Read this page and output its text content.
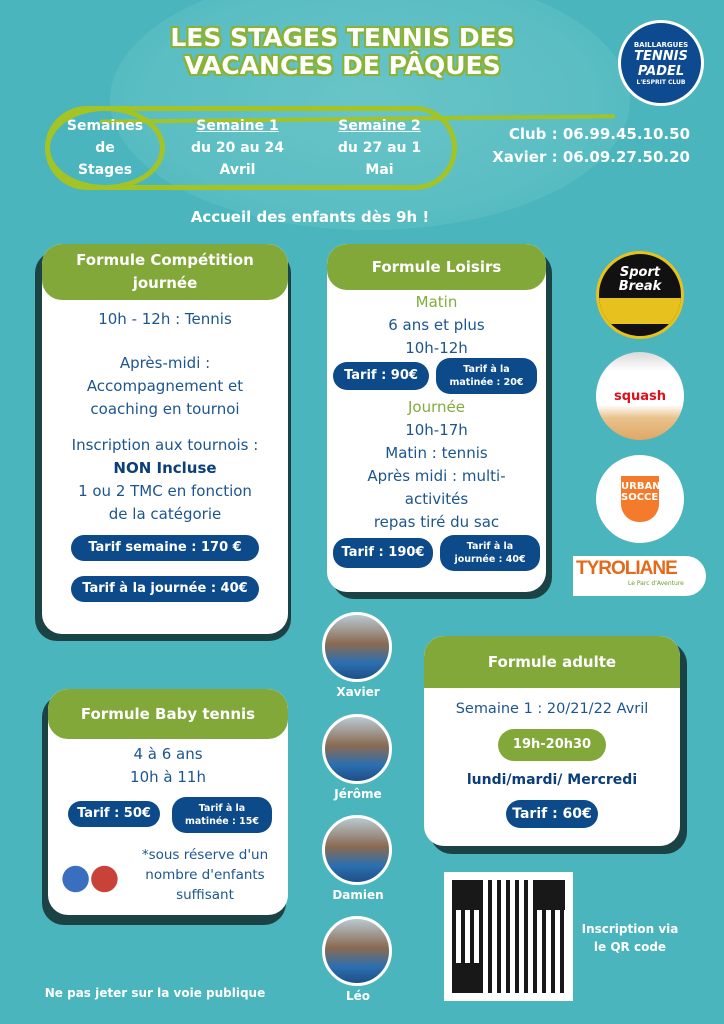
LES STAGES TENNIS DES
VACANCES DE PÂQUES
BAILLARGUES
TENNIS
PADEL
L'ESPRIT CLUB
Semaines
de
Stages
Semaine 1
du 20 au 24
Avril
Semaine 2
du 27 au 1
Mai
Club : 06.99.45.10.50
Xavier : 06.09.27.50.20
Accueil des enfants dès 9h !
Formule Compétition journée
10h - 12h : Tennis
Après-midi :
Accompagnement et
coaching en tournoi
Inscription aux tournois :
NON Incluse
1 ou 2 TMC en fonction
de la catégorie
Tarif semaine : 170 €
Tarif à la journée : 40€
Formule Loisirs
Matin
6 ans et plus
10h-12h
Tarif : 90€	Tarif à la
matinée : 20€
Journée
10h-17h
Matin : tennis
Après midi : multi-
activités
repas tiré du sac
Tarif : 190€	Tarif à la
journée : 40€
Sport
Break
squash
URBAN
SOCCER
TYROLIANE
Le Parc d'Aventure
Formule Baby tennis
4 à 6 ans
10h à 11h
Tarif : 50€	Tarif à la
matinée : 15€
*sous réserve d'un
nombre d'enfants
suffisant
Xavier
Jérôme
Damien
Léo
Formule adulte
Semaine 1 : 20/21/22 Avril
19h-20h30
lundi/mardi/ Mercredi
Tarif : 60€
Inscription via
le QR code
Ne pas jeter sur la voie publique
